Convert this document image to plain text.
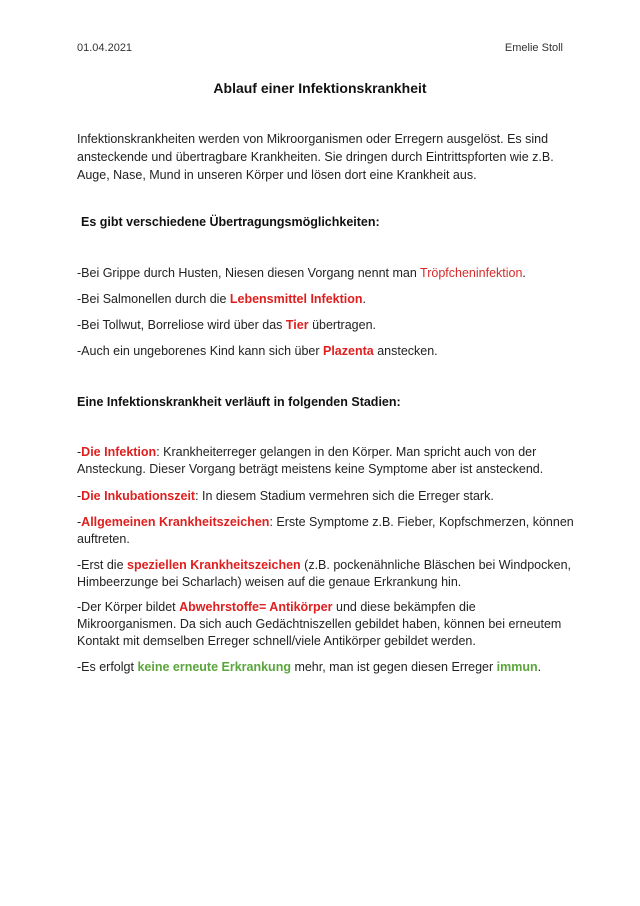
01.04.2021	Emelie Stoll
Ablauf einer Infektionskrankheit
Infektionskrankheiten werden von Mikroorganismen oder Erregern ausgelöst. Es sind ansteckende und übertragbare Krankheiten. Sie dringen durch Eintrittspforten wie z.B. Auge, Nase, Mund in unseren Körper und lösen dort eine Krankheit aus.
Es gibt verschiedene Übertragungsmöglichkeiten:
-Bei Grippe durch Husten, Niesen diesen Vorgang nennt man Tröpfcheninfektion.
-Bei Salmonellen durch die Lebensmittel Infektion.
-Bei Tollwut, Borreliose wird über das Tier übertragen.
-Auch ein ungeborenes Kind kann sich über Plazenta anstecken.
Eine Infektionskrankheit verläuft in folgenden Stadien:
-Die Infektion: Krankheiterreger gelangen in den Körper. Man spricht auch von der Ansteckung. Dieser Vorgang beträgt meistens keine Symptome aber ist ansteckend.
-Die Inkubationszeit: In diesem Stadium vermehren sich die Erreger stark.
-Allgemeinen Krankheitszeichen: Erste Symptome z.B. Fieber, Kopfschmerzen, können auftreten.
-Erst die speziellen Krankheitszeichen (z.B. pockenähnliche Bläschen bei Windpocken, Himbeerzunge bei Scharlach) weisen auf die genaue Erkrankung hin.
-Der Körper bildet Abwehrstoffe= Antikörper und diese bekämpfen die Mikroorganismen. Da sich auch Gedächtniszellen gebildet haben, können bei erneutem Kontakt mit demselben Erreger schnell/viele Antikörper gebildet werden.
-Es erfolgt keine erneute Erkrankung mehr, man ist gegen diesen Erreger immun.
